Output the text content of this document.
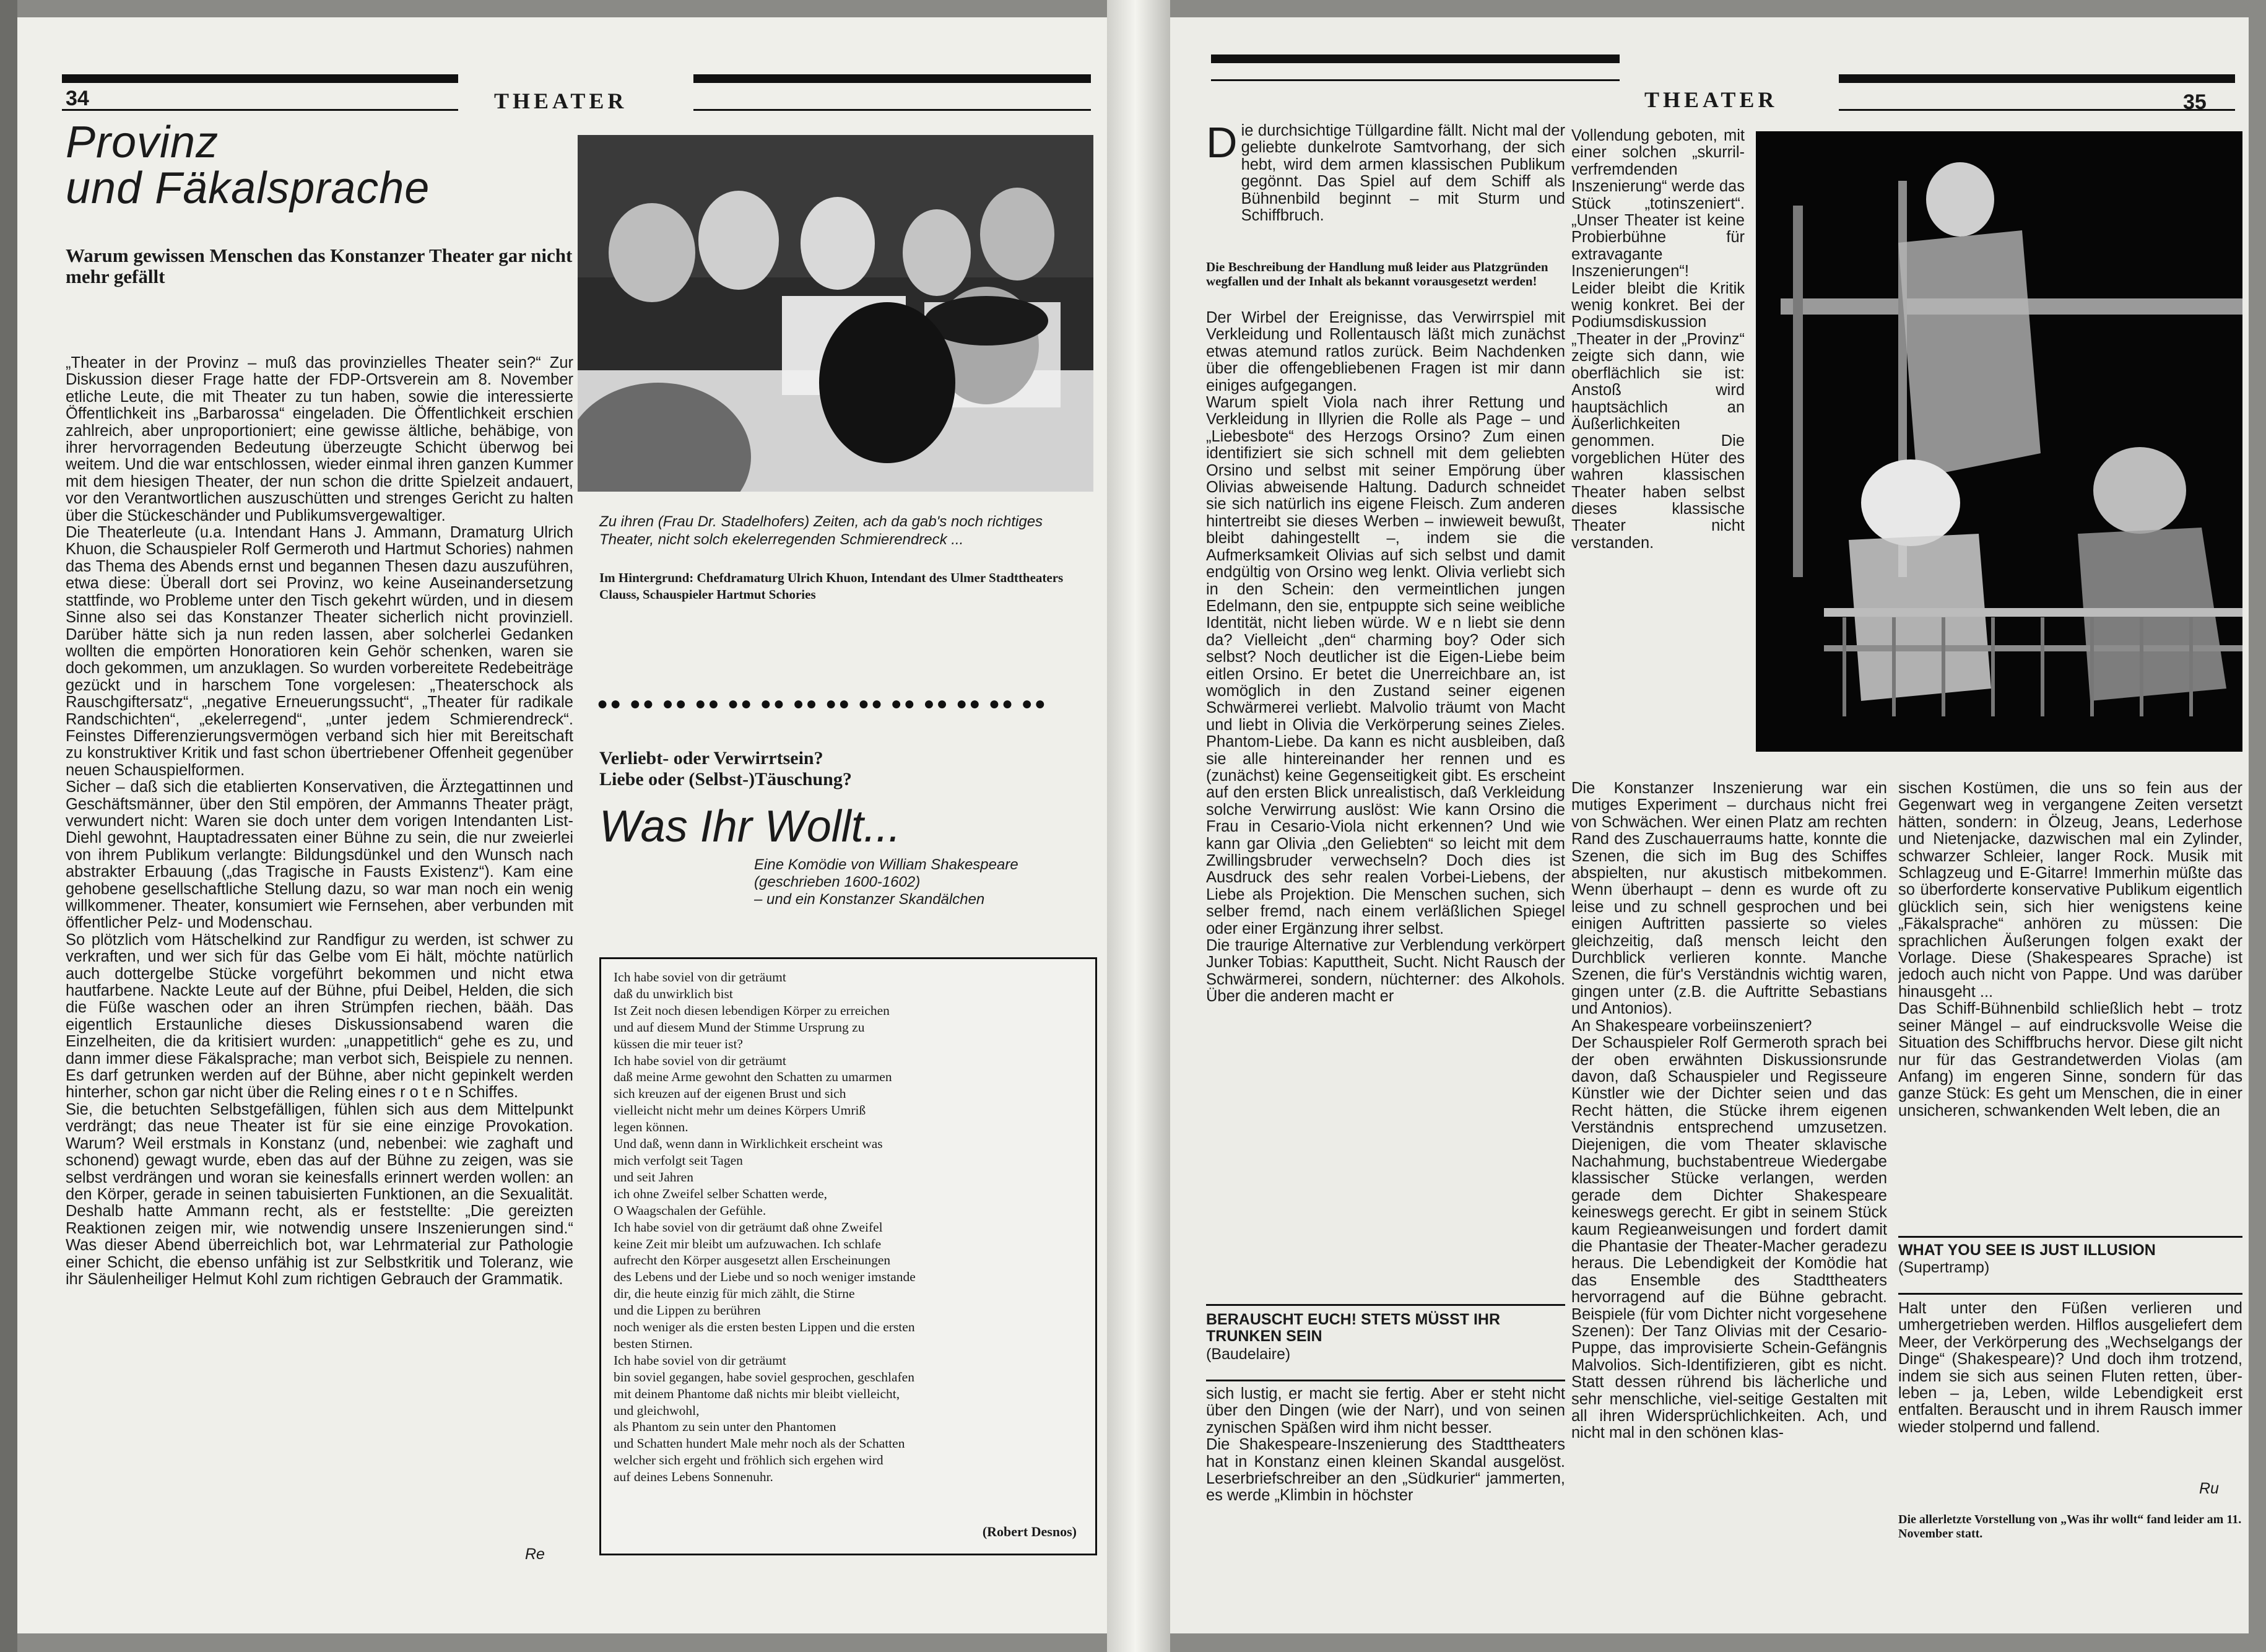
34	THEATER
Provinz
und Fäkalsprache
Warum gewissen Menschen das Konstanzer Theater gar nicht mehr gefällt
„Theater in der Provinz – muß das provinzielles Theater sein?“ Zur Diskussion dieser Frage hatte der FDP-Ortsverein am 8. November etliche Leute, die mit Theater zu tun haben, sowie die interessierte Öffentlichkeit ins „Barbarossa“ eingeladen. Die Öffentlichkeit erschien zahlreich, aber unproportioniert; eine gewisse ältliche, behäbige, von ihrer hervorragenden Bedeutung überzeugte Schicht überwog bei weitem. Und die war entschlossen, wieder einmal ihren ganzen Kummer mit dem hiesigen Theater, der nun schon die dritte Spielzeit andauert, vor den Verantwortlichen auszuschütten und strenges Gericht zu halten über die Stückeschänder und Publikumsvergewaltiger.
Die Theaterleute (u.a. Intendant Hans J. Ammann, Dramaturg Ulrich Khuon, die Schauspieler Rolf Germeroth und Hartmut Schories) nahmen das Thema des Abends ernst und begannen Thesen dazu auszuführen, etwa diese: Überall dort sei Provinz, wo keine Auseinandersetzung stattfinde, wo Probleme unter den Tisch gekehrt würden, und in diesem Sinne also sei das Konstanzer Theater sicherlich nicht provinziell. Darüber hätte sich ja nun reden lassen, aber solcherlei Gedanken wollten die empörten Honoratioren kein Gehör schenken, waren sie doch gekommen, um anzuklagen. So wurden vorbereitete Redebeiträge gezückt und in harschem Tone vorgelesen: „Theaterschock als Rauschgiftersatz“, „negative Erneuerungssucht“, „Theater für radikale Randschichten“, „ekelerregend“, „unter jedem Schmierendreck“. Feinstes Differenzierungsvermögen verband sich hier mit Bereitschaft zu konstruktiver Kritik und fast schon übertriebener Offenheit gegenüber neuen Schauspielformen.
Sicher – daß sich die etablierten Konservativen, die Ärztegattinnen und Geschäftsmänner, über den Stil empören, der Ammanns Theater prägt, verwundert nicht: Waren sie doch unter dem vorigen Intendanten List-Diehl gewohnt, Hauptadressaten einer Bühne zu sein, die nur zweierlei von ihrem Publikum verlangte: Bildungsdünkel und den Wunsch nach abstrakter Erbauung („das Tragische in Fausts Existenz“). Kam eine gehobene gesellschaftliche Stellung dazu, so war man noch ein wenig willkommener. Theater, konsumiert wie Fernsehen, aber verbunden mit öffentlicher Pelz- und Modenschau.
So plötzlich vom Hätschelkind zur Randfigur zu werden, ist schwer zu verkraften, und wer sich für das Gelbe vom Ei hält, möchte natürlich auch dottergelbe Stücke vorgeführt bekommen und nicht etwa hautfarbene. Nackte Leute auf der Bühne, pfui Deibel, Helden, die sich die Füße waschen oder an ihren Strümpfen riechen, bääh. Das eigentlich Erstaunliche dieses Diskussionsabend waren die Einzelheiten, die da kritisiert wurden: „unappetitlich“ gehe es zu, und dann immer diese Fäkalsprache; man verbot sich, Beispiele zu nennen. Es darf getrunken werden auf der Bühne, aber nicht gepinkelt werden hinterher, schon gar nicht über die Reling eines r o t e n Schiffes.
Sie, die betuchten Selbstgefälligen, fühlen sich aus dem Mittelpunkt verdrängt; das neue Theater ist für sie eine einzige Provokation. Warum? Weil erstmals in Konstanz (und, nebenbei: wie zaghaft und schonend) gewagt wurde, eben das auf der Bühne zu zeigen, was sie selbst verdrängen und woran sie keinesfalls erinnert werden wollen: an den Körper, gerade in seinen tabuisierten Funktionen, an die Sexualität. Deshalb hatte Ammann recht, als er feststellte: „Die gereizten Reaktionen zeigen mir, wie notwendig unsere Inszenierungen sind.“ Was dieser Abend überreichlich bot, war Lehrmaterial zur Pathologie einer Schicht, die ebenso unfähig ist zur Selbstkritik und Toleranz, wie ihr Säulenheiliger Helmut Kohl zum richtigen Gebrauch der Grammatik.
Re
Zu ihren (Frau Dr. Stadelhofers) Zeiten, ach da gab's noch richtiges Theater, nicht solch ekelerregenden Schmierendreck ...
Im Hintergrund: Chefdramaturg Ulrich Khuon, Intendant des Ulmer Stadttheaters Clauss, Schauspieler Hartmut Schories
●● ●● ●● ●● ●● ●● ●● ●● ●● ●● ●● ●● ●● ●●
Verliebt- oder Verwirrtsein?
Liebe oder (Selbst-)Täuschung?
Was Ihr Wollt...
Eine Komödie von William Shakespeare
(geschrieben 1600-1602)
– und ein Konstanzer Skandälchen
Ich habe soviel von dir geträumt
daß du unwirklich bist
Ist Zeit noch diesen lebendigen Körper zu erreichen
und auf diesem Mund der Stimme Ursprung zu
küssen die mir teuer ist?
Ich habe soviel von dir geträumt
daß meine Arme gewohnt den Schatten zu umarmen
sich kreuzen auf der eigenen Brust und sich
vielleicht nicht mehr um deines Körpers Umriß
legen können.
Und daß, wenn dann in Wirklichkeit erscheint was
mich verfolgt seit Tagen
und seit Jahren
ich ohne Zweifel selber Schatten werde,
O Waagschalen der Gefühle.
Ich habe soviel von dir geträumt daß ohne Zweifel
keine Zeit mir bleibt um aufzuwachen. Ich schlafe
aufrecht den Körper ausgesetzt allen Erscheinungen
des Lebens und der Liebe und so noch weniger imstande
dir, die heute einzig für mich zählt, die Stirne
und die Lippen zu berühren
noch weniger als die ersten besten Lippen und die ersten
besten Stirnen.
Ich habe soviel von dir geträumt
bin soviel gegangen, habe soviel gesprochen, geschlafen
mit deinem Phantome daß nichts mir bleibt vielleicht,
und gleichwohl,
als Phantom zu sein unter den Phantomen
und Schatten hundert Male mehr noch als der Schatten
welcher sich ergeht und fröhlich sich ergehen wird
auf deines Lebens Sonnenuhr.
(Robert Desnos)
THEATER	35
D ie durchsichtige Tüllgardine fällt. Nicht mal der geliebte dunkelrote Samtvorhang, der sich hebt, wird dem armen klassischen Publikum gegönnt. Das Spiel auf dem Schiff als Bühnenbild beginnt – mit Sturm und Schiffbruch.
Die Beschreibung der Handlung muß leider aus Platzgründen wegfallen und der Inhalt als bekannt vorausgesetzt werden!
Der Wirbel der Ereignisse, das Verwirrspiel mit Verkleidung und Rollentausch läßt mich zunächst etwas atemund ratlos zurück. Beim Nachdenken über die offengebliebenen Fragen ist mir dann einiges aufgegangen.
Warum spielt Viola nach ihrer Rettung und Verkleidung in Illyrien die Rolle als Page – und „Liebesbote“ des Herzogs Orsino? Zum einen identifiziert sie sich schnell mit dem geliebten Orsino und selbst mit seiner Empörung über Olivias abweisende Haltung. Dadurch schneidet sie sich natürlich ins eigene Fleisch. Zum anderen hintertreibt sie dieses Werben – inwieweit bewußt, bleibt dahingestellt –, indem sie die Aufmerksamkeit Olivias auf sich selbst und damit endgültig von Orsino weg lenkt. Olivia verliebt sich in den Schein: den vermeintlichen jungen Edelmann, den sie, entpuppte sich seine weibliche Identität, nicht lieben würde. W e n liebt sie denn da? Vielleicht „den“ charming boy? Oder sich selbst? Noch deutlicher ist die Eigen-Liebe beim eitlen Orsino. Er betet die Unerreichbare an, ist womöglich in den Zustand seiner eigenen Schwärmerei verliebt. Malvolio träumt von Macht und liebt in Olivia die Verkörperung seines Zieles. Phantom-Liebe. Da kann es nicht ausbleiben, daß sie alle hintereinander her rennen und es (zunächst) keine Gegenseitigkeit gibt. Es erscheint auf den ersten Blick unrealistisch, daß Verkleidung solche Verwirrung auslöst: Wie kann Orsino die Frau in Cesario-Viola nicht erkennen? Und wie kann gar Olivia „den Geliebten“ so leicht mit dem Zwillingsbruder verwechseln? Doch dies ist Ausdruck des sehr realen Vorbei-Liebens, der Liebe als Projektion. Die Menschen suchen, sich selber fremd, nach einem verläßlichen Spiegel oder einer Ergänzung ihrer selbst.
Die traurige Alternative zur Verblendung verkörpert Junker Tobias: Kaputtheit, Sucht. Nicht Rausch der Schwärmerei, sondern, nüchterner: des Alkohols. Über die anderen macht er
BERAUSCHT EUCH! STETS MÜSST IHR TRUNKEN SEIN
(Baudelaire)
sich lustig, er macht sie fertig. Aber er steht nicht über den Dingen (wie der Narr), und von seinen zynischen Späßen wird ihm nicht besser.
Die Shakespeare-Inszenierung des Stadttheaters hat in Konstanz einen kleinen Skandal ausgelöst. Leserbriefschreiber an den „Südkurier“ jammerten, es werde „Klimbin in höchster
Vollendung geboten, mit einer solchen „skurril-verfremdenden Inszenierung“ werde das Stück „totinszeniert“. „Unser Theater ist keine Probierbühne für extravagante Inszenierungen“!
Leider bleibt die Kritik wenig konkret. Bei der Podiumsdiskussion „Theater in der „Provinz“ zeigte sich dann, wie oberflächlich sie ist: Anstoß wird hauptsächlich an Äußerlichkeiten genommen. Die vorgeblichen Hüter des wahren klassischen Theater haben selbst dieses klassische Theater nicht verstanden.
Die Konstanzer Inszenierung war ein mutiges Experiment – durchaus nicht frei von Schwächen. Wer einen Platz am rechten Rand des Zuschauerraums hatte, konnte die Szenen, die sich im Bug des Schiffes abspielten, nur akustisch mitbekommen. Wenn überhaupt – denn es wurde oft zu leise und zu schnell gesprochen und bei einigen Auftritten passierte so vieles gleichzeitig, daß mensch leicht den Durchblick verlieren konnte. Manche Szenen, die für's Verständnis wichtig waren, gingen unter (z.B. die Auftritte Sebastians und Antonios).
An Shakespeare vorbeiinszeniert?
Der Schauspieler Rolf Germeroth sprach bei der oben erwähnten Diskussionsrunde davon, daß Schauspieler und Regisseure Künstler wie der Dichter seien und das Recht hätten, die Stücke ihrem eigenen Verständnis entsprechend umzusetzen. Diejenigen, die vom Theater sklavische Nachahmung, buchstabentreue Wiedergabe klassischer Stücke verlangen, werden gerade dem Dichter Shakespeare keineswegs gerecht. Er gibt in seinem Stück kaum Regieanweisungen und fordert damit die Phantasie der Theater-Macher geradezu heraus. Die Lebendigkeit der Komödie hat das Ensemble des Stadttheaters hervorragend auf die Bühne gebracht. Beispiele (für vom Dichter nicht vorgesehene Szenen): Der Tanz Olivias mit der Cesario-Puppe, das improvisierte Schein-Gefängnis Malvolios. Sich-Identifizieren, gibt es nicht. Statt dessen rührend bis lächerliche und sehr menschliche, viel-seitige Gestalten mit all ihren Widersprüchlichkeiten. Ach, und nicht mal in den schönen klas-
sischen Kostümen, die uns so fein aus der Gegenwart weg in vergangene Zeiten versetzt hätten, sondern: in Ölzeug, Jeans, Lederhose und Nietenjacke, dazwischen mal ein Zylinder, schwarzer Schleier, langer Rock. Musik mit Schlagzeug und E-Gitarre! Immerhin müßte das so überforderte konservative Publikum eigentlich glücklich sein, sich hier wenigstens keine „Fäkalsprache“ anhören zu müssen: Die sprachlichen Äußerungen folgen exakt der Vorlage. Diese (Shakespeares Sprache) ist jedoch auch nicht von Pappe. Und was darüber hinausgeht ...
Das Schiff-Bühnenbild schließlich hebt – trotz seiner Mängel – auf eindrucksvolle Weise die Situation des Schiffbruchs hervor. Diese gilt nicht nur für das Gestrandetwerden Violas (am Anfang) im engeren Sinne, sondern für das ganze Stück: Es geht um Menschen, die in einer unsicheren, schwankenden Welt leben, die an
WHAT YOU SEE IS JUST ILLUSION
(Supertramp)
Halt unter den Füßen verlieren und umhergetrieben werden. Hilflos ausgeliefert dem Meer, der Verkörperung des „Wechselgangs der Dinge“ (Shakespeare)? Und doch ihm trotzend, indem sie sich aus seinen Fluten retten, über-leben – ja, Leben, wilde Lebendigkeit erst entfalten. Berauscht und in ihrem Rausch immer wieder stolpernd und fallend.
Ru
Die allerletzte Vorstellung von „Was ihr wollt“ fand leider am 11. November statt.
